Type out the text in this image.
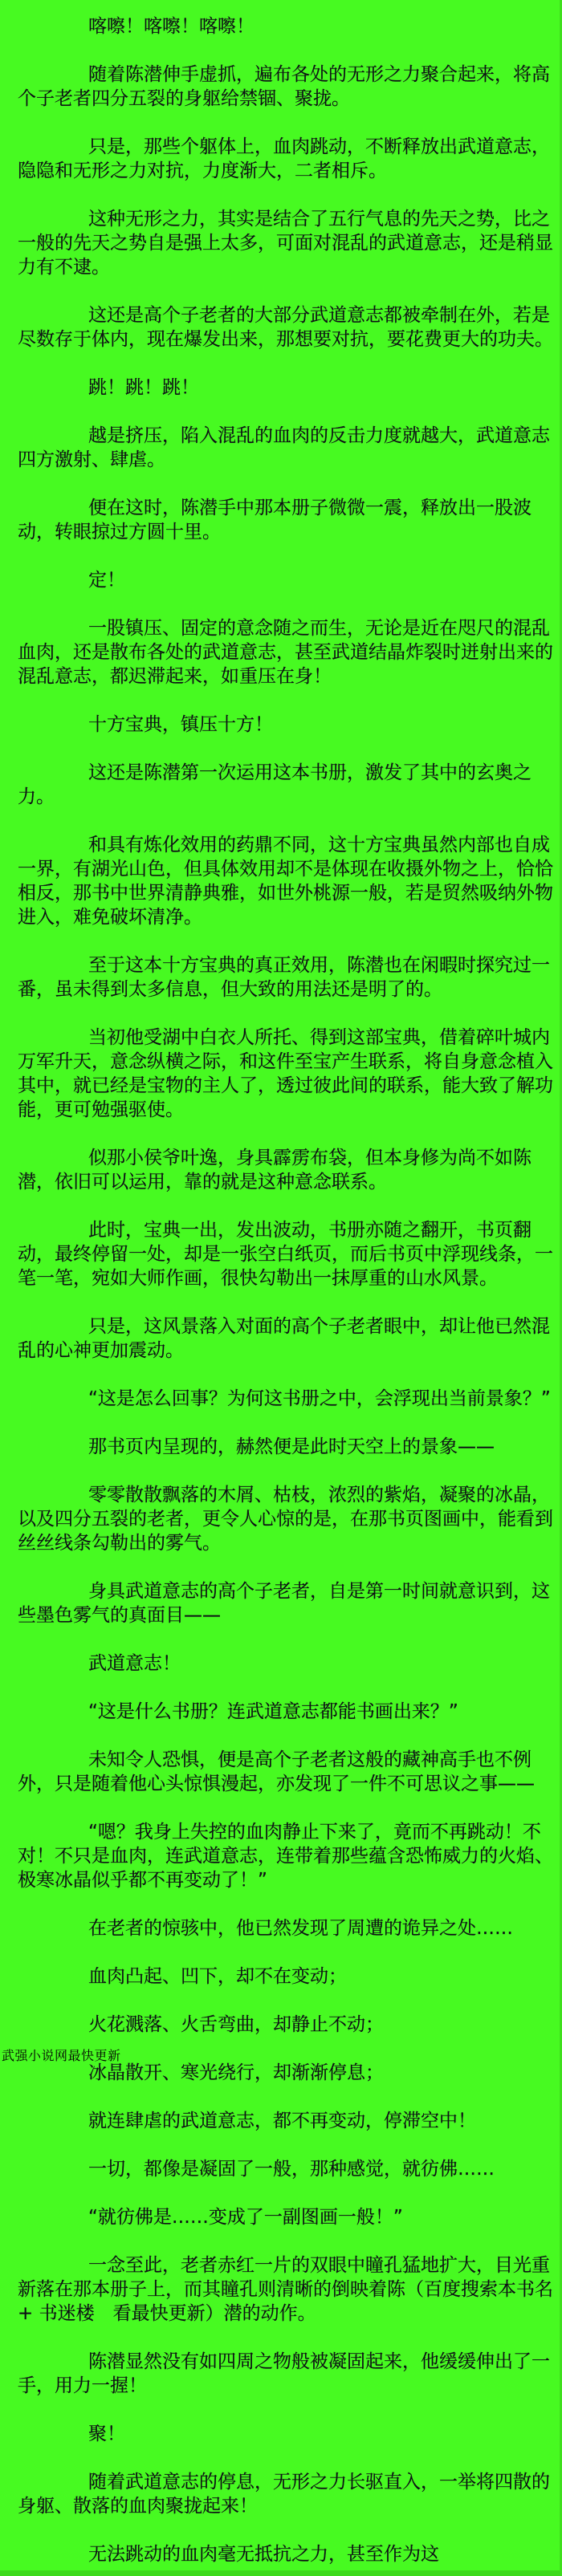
喀嚓！喀嚓！喀嚓！

随着陈潜伸手虚抓，遍布各处的无形之力聚合起来，将高个子老者四分五裂的身躯给禁锢、聚拢。

只是，那些个躯体上，血肉跳动，不断释放出武道意志，隐隐和无形之力对抗，力度渐大，二者相斥。

这种无形之力，其实是结合了五行气息的先天之势，比之一般的先天之势自是强上太多，可面对混乱的武道意志，还是稍显力有不逮。

这还是高个子老者的大部分武道意志都被牵制在外，若是尽数存于体内，现在爆发出来，那想要对抗，要花费更大的功夫。

跳！跳！跳！

越是挤压，陷入混乱的血肉的反击力度就越大，武道意志四方激射、肆虐。

便在这时，陈潜手中那本册子微微一震，释放出一股波动，转眼掠过方圆十里。

定！

一股镇压、固定的意念随之而生，无论是近在咫尺的混乱血肉，还是散布各处的武道意志，甚至武道结晶炸裂时迸射出来的混乱意志，都迟滞起来，如重压在身！

十方宝典，镇压十方！

这还是陈潜第一次运用这本书册，激发了其中的玄奥之力。

和具有炼化效用的药鼎不同，这十方宝典虽然内部也自成一界，有湖光山色，但具体效用却不是体现在收摄外物之上，恰恰相反，那书中世界清静典雅，如世外桃源一般，若是贸然吸纳外物进入，难免破坏清净。

至于这本十方宝典的真正效用，陈潜也在闲暇时探究过一番，虽未得到太多信息，但大致的用法还是明了的。

当初他受湖中白衣人所托、得到这部宝典，借着碎叶城内万军升天，意念纵横之际，和这件至宝产生联系，将自身意念植入其中，就已经是宝物的主人了，透过彼此间的联系，能大致了解功能，更可勉强驱使。

似那小侯爷叶逸，身具霹雳布袋，但本身修为尚不如陈潜，依旧可以运用，靠的就是这种意念联系。

此时，宝典一出，发出波动，书册亦随之翻开，书页翻动，最终停留一处，却是一张空白纸页，而后书页中浮现线条，一笔一笔，宛如大师作画，很快勾勒出一抹厚重的山水风景。

只是，这风景落入对面的高个子老者眼中，却让他已然混乱的心神更加震动。

“这是怎么回事？为何这书册之中，会浮现出当前景象？”

那书页内呈现的，赫然便是此时天空上的景象——

零零散散飘落的木屑、枯枝，浓烈的紫焰，凝聚的冰晶，以及四分五裂的老者，更令人心惊的是，在那书页图画中，能看到丝丝线条勾勒出的雾气。

身具武道意志的高个子老者，自是第一时间就意识到，这些墨色雾气的真面目——

武道意志！

“这是什么书册？连武道意志都能书画出来？”

未知令人恐惧，便是高个子老者这般的藏神高手也不例外，只是随着他心头惊惧漫起，亦发现了一件不可思议之事——

“嗯？我身上失控的血肉静止下来了，竟而不再跳动！不对！不只是血肉，连武道意志，连带着那些蕴含恐怖威力的火焰、极寒冰晶似乎都不再变动了！”

在老者的惊骇中，他已然发现了周遭的诡异之处……

血肉凸起、凹下，却不在变动；

火花溅落、火舌弯曲，却静止不动；

冰晶散开、寒光绕行，却渐渐停息；

就连肆虐的武道意志，都不再变动，停滞空中！

一切，都像是凝固了一般，那种感觉，就彷佛……

“就彷佛是……变成了一副图画一般！”

一念至此，老者赤红一片的双眼中瞳孔猛地扩大，目光重新落在那本册子上，而其瞳孔则清晰的倒映着陈（百度搜索本书名+ 书迷楼　看最快更新）潜的动作。

陈潜显然没有如四周之物般被凝固起来，他缓缓伸出了一手，用力一握！

聚！

随着武道意志的停息，无形之力长驱直入，一举将四散的身躯、散落的血肉聚拢起来！

无法跳动的血肉毫无抵抗之力，甚至作为这

武强小说网最快更新
